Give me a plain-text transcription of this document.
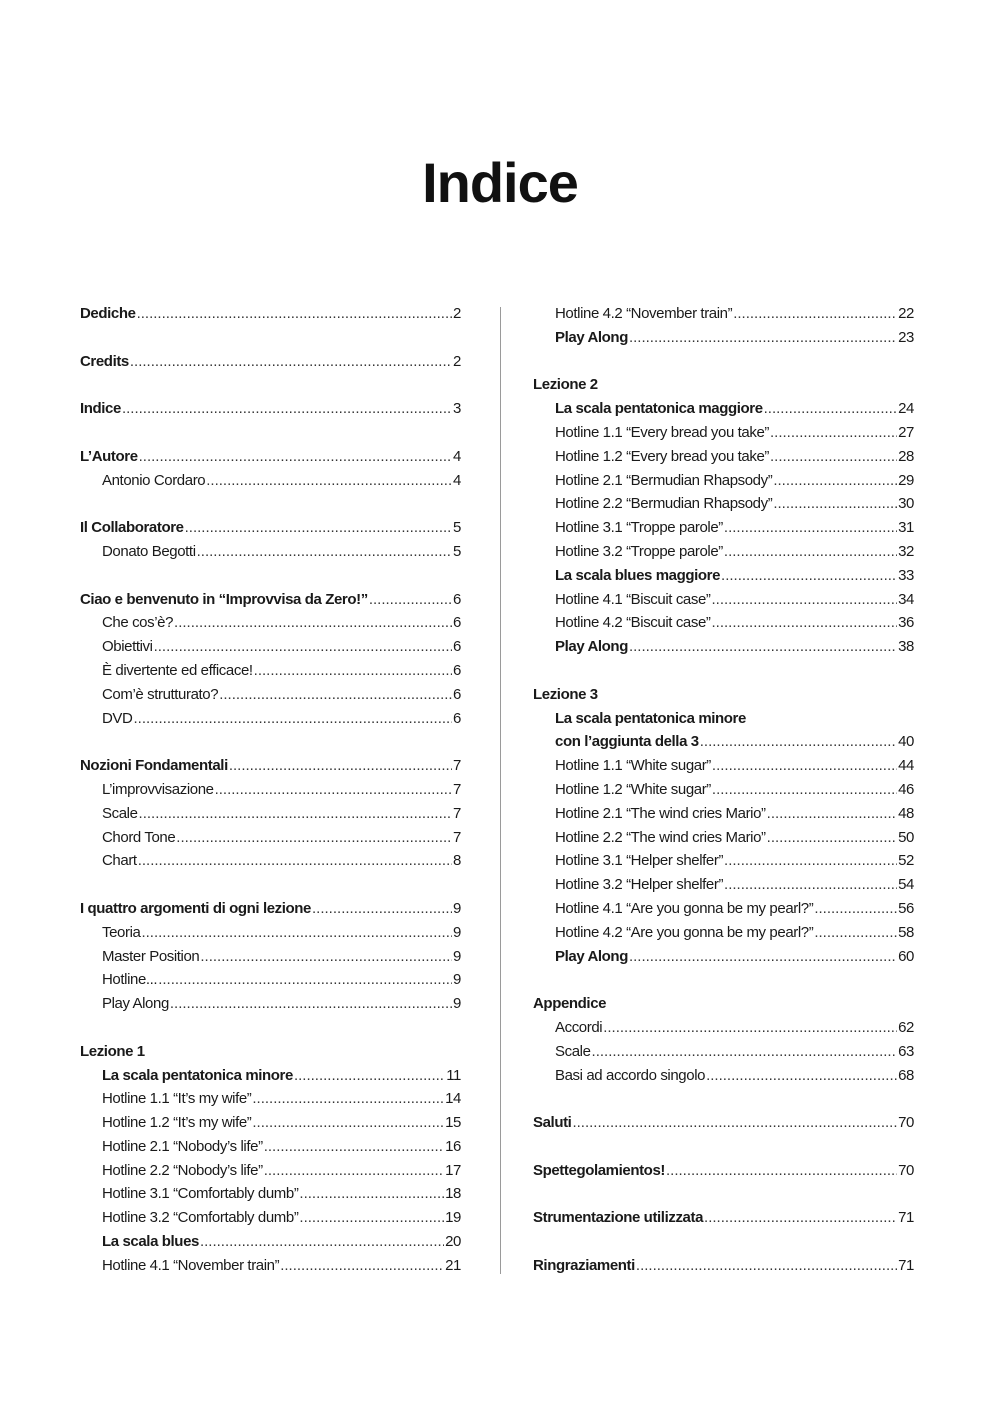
Indice
Dediche .....	2
Credits .....	2
Indice .....	3
L’Autore .....	4
Antonio Cordaro .....	4
Il Collaboratore .....	5
Donato Begotti .....	5
Ciao e benvenuto in “Improvvisa da Zero!” .....	6
Che cos’è? .....	6
Obiettivi .....	6
È divertente ed efficace! .....	6
Com’è strutturato? .....	6
DVD .....	6
Nozioni Fondamentali .....	7
L’improvvisazione .....	7
Scale .....	7
Chord Tone .....	7
Chart .....	8
I quattro argomenti di ogni lezione .....	9
Teoria .....	9
Master Position .....	9
Hotline... .....	9
Play Along .....	9
Lezione 1
La scala pentatonica minore .....	11
Hotline 1.1 “It’s my wife” .....	14
Hotline 1.2 “It’s my wife” .....	15
Hotline 2.1 “Nobody’s life” .....	16
Hotline 2.2 “Nobody’s life” .....	17
Hotline 3.1 “Comfortably dumb” .....	18
Hotline 3.2 “Comfortably dumb” .....	19
La scala blues .....	20
Hotline 4.1 “November train” .....	21
Hotline 4.2 “November train” .....	22
Play Along .....	23
Lezione 2
La scala pentatonica maggiore .....	24
Hotline 1.1 “Every bread you take” .....	27
Hotline 1.2 “Every bread you take” .....	28
Hotline 2.1 “Bermudian Rhapsody” .....	29
Hotline 2.2 “Bermudian Rhapsody” .....	30
Hotline 3.1 “Troppe parole” .....	31
Hotline 3.2 “Troppe parole” .....	32
La scala blues maggiore .....	33
Hotline 4.1 “Biscuit case” .....	34
Hotline 4.2 “Biscuit case” .....	36
Play Along .....	38
Lezione 3
La scala pentatonica minore
con l’aggiunta della 3 .....	40
Hotline 1.1 “White sugar” .....	44
Hotline 1.2 “White sugar” .....	46
Hotline 2.1 “The wind cries Mario” .....	48
Hotline 2.2 “The wind cries Mario” .....	50
Hotline 3.1 “Helper shelfer” .....	52
Hotline 3.2 “Helper shelfer” .....	54
Hotline 4.1 “Are you gonna be my pearl?” .....	56
Hotline 4.2 “Are you gonna be my pearl?” .....	58
Play Along .....	60
Appendice
Accordi .....	62
Scale .....	63
Basi ad accordo singolo .....	68
Saluti .....	70
Spettegolamientos! .....	70
Strumentazione utilizzata .....	71
Ringraziamenti .....	71
